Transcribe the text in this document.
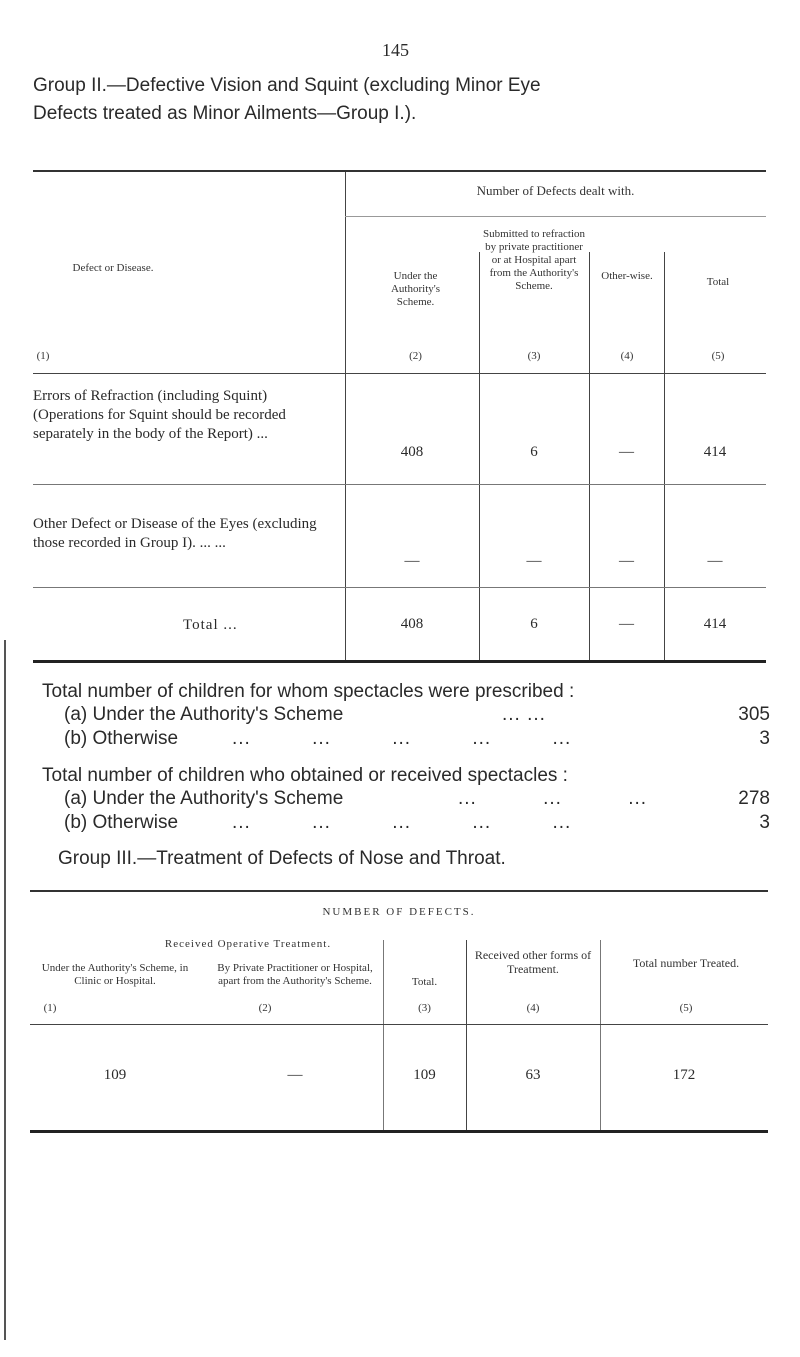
145
Group II.—Defective Vision and Squint (excluding Minor Eye
Defects treated as Minor Ailments—Group I.).
Number of Defects dealt with.
Defect or Disease.
(1)
Under the Authority's Scheme.
(2)
Submitted to refraction by private practitioner or at Hospital apart from the Authority's Scheme.
(3)
Other-wise.
(4)
Total
(5)
Errors of Refraction (including Squint) (Operations for Squint should be recorded separately in the body of the Report) ...
408	6	—	414
Other Defect or Disease of the Eyes (excluding those recorded in Group I). ... ...
—	—	—	—
Total ...	408	6	—	414
Total number of children for whom spectacles were prescribed :
(a) Under the Authority's Scheme	... ...	305
(b) Otherwise	... ... ... ... ...	3
Total number of children who obtained or received spectacles :
(a) Under the Authority's Scheme	... ... ...	278
(b) Otherwise	... ... ... ... ...	3
Group III.—Treatment of Defects of Nose and Throat.
NUMBER OF DEFECTS.
Received Operative Treatment.
Under the Authority's Scheme, in Clinic or Hospital.
(1)
By Private Practitioner or Hospital, apart from the Authority's Scheme.
(2)
Total.
(3)
Received other forms of Treatment.
(4)
Total number Treated.
(5)
109	—	109	63	172
